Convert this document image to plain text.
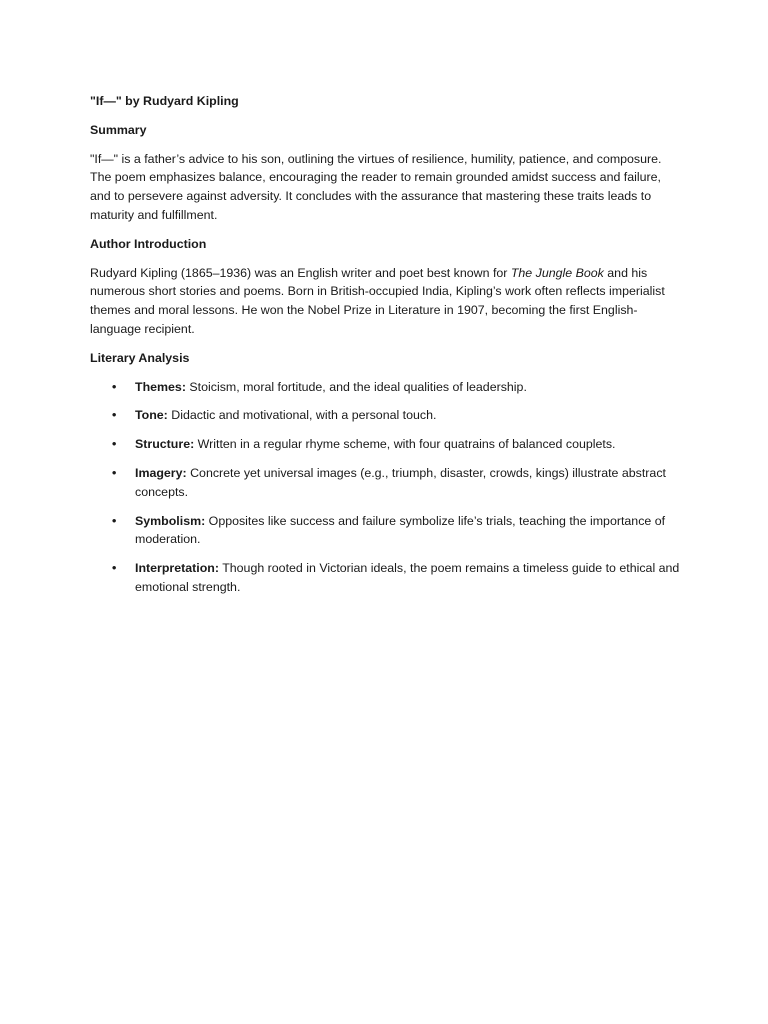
"If—" by Rudyard Kipling

Summary

"If—" is a father’s advice to his son, outlining the virtues of resilience, humility, patience, and composure. The poem emphasizes balance, encouraging the reader to remain grounded amidst success and failure, and to persevere against adversity. It concludes with the assurance that mastering these traits leads to maturity and fulfillment.

Author Introduction

Rudyard Kipling (1865–1936) was an English writer and poet best known for The Jungle Book and his numerous short stories and poems. Born in British-occupied India, Kipling’s work often reflects imperialist themes and moral lessons. He won the Nobel Prize in Literature in 1907, becoming the first English-language recipient.

Literary Analysis

• Themes: Stoicism, moral fortitude, and the ideal qualities of leadership.
• Tone: Didactic and motivational, with a personal touch.
• Structure: Written in a regular rhyme scheme, with four quatrains of balanced couplets.
• Imagery: Concrete yet universal images (e.g., triumph, disaster, crowds, kings) illustrate abstract concepts.
• Symbolism: Opposites like success and failure symbolize life’s trials, teaching the importance of moderation.
• Interpretation: Though rooted in Victorian ideals, the poem remains a timeless guide to ethical and emotional strength.
